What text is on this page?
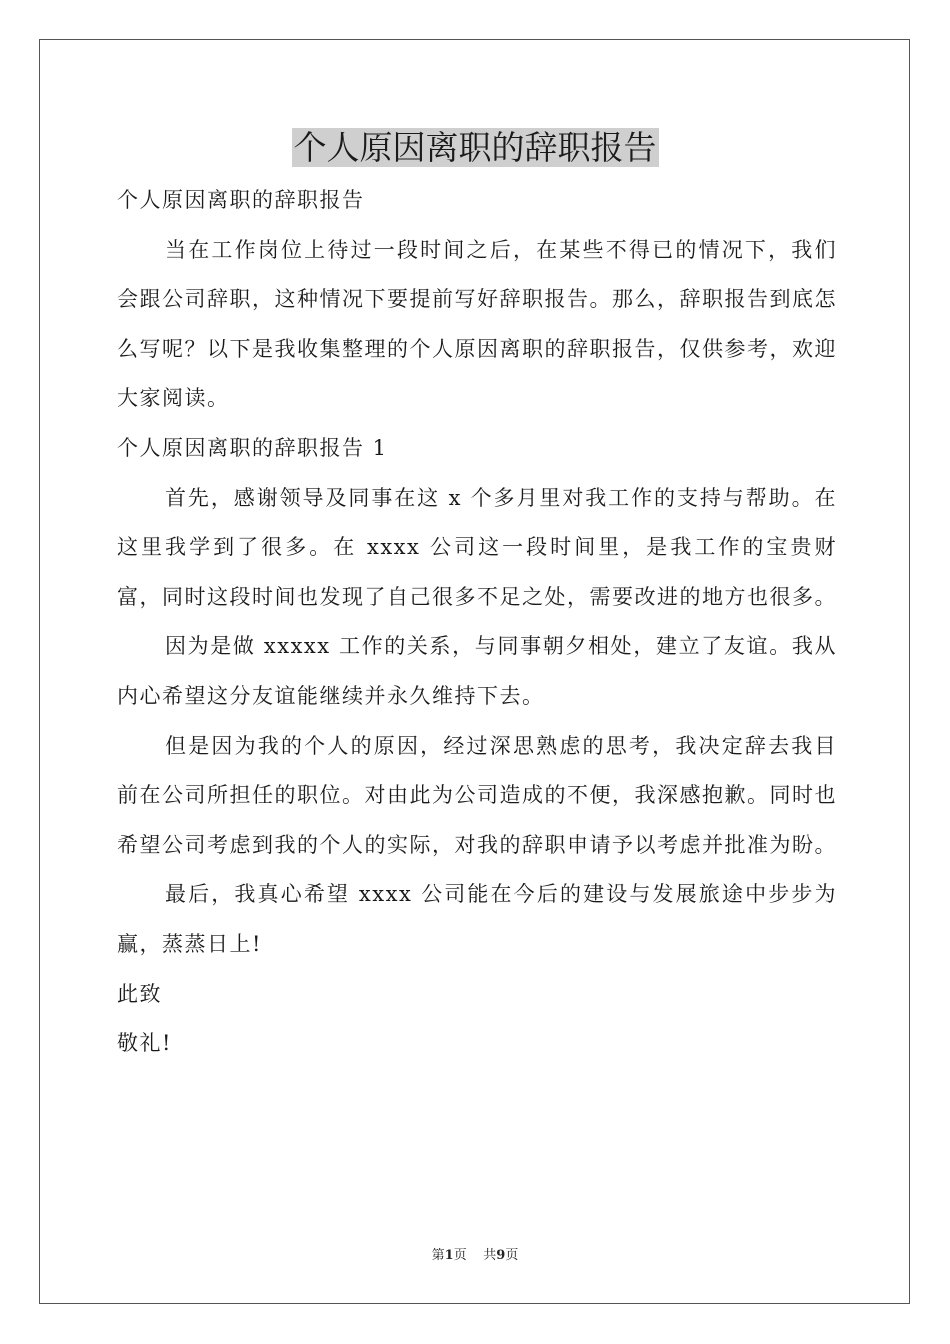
个人原因离职的辞职报告

个人原因离职的辞职报告

当在工作岗位上待过一段时间之后，在某些不得已的情况下，我们会跟公司辞职，这种情况下要提前写好辞职报告。那么，辞职报告到底怎么写呢？以下是我收集整理的个人原因离职的辞职报告，仅供参考，欢迎大家阅读。

个人原因离职的辞职报告 1

首先，感谢领导及同事在这 x 个多月里对我工作的支持与帮助。在这里我学到了很多。在 xxxx 公司这一段时间里，是我工作的宝贵财富，同时这段时间也发现了自己很多不足之处，需要改进的地方也很多。

因为是做 xxxxx 工作的关系，与同事朝夕相处，建立了友谊。我从内心希望这分友谊能继续并永久维持下去。

但是因为我的个人的原因，经过深思熟虑的思考，我决定辞去我目前在公司所担任的职位。对由此为公司造成的不便，我深感抱歉。同时也希望公司考虑到我的个人的实际，对我的辞职申请予以考虑并批准为盼。

最后，我真心希望 xxxx 公司能在今后的建设与发展旅途中步步为赢，蒸蒸日上!

此致

敬礼!

第1页 共9页
